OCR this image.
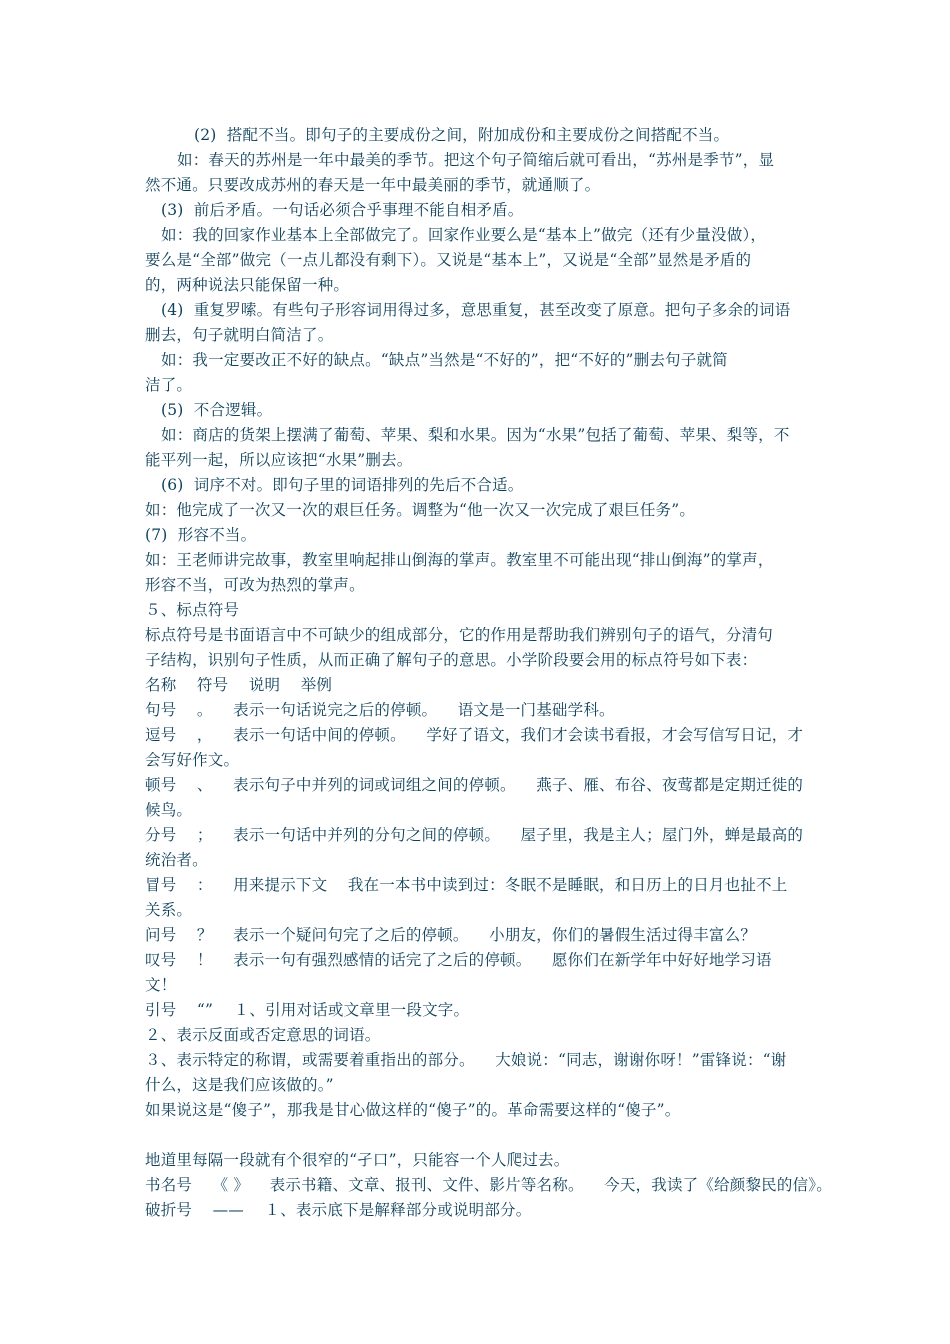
(2)  搭配不当。即句子的主要成份之间，附加成份和主要成份之间搭配不当。
如：春天的苏州是一年中最美的季节。把这个句子简缩后就可看出，“苏州是季节”，显
然不通。只要改成苏州的春天是一年中最美丽的季节，就通顺了。
(3)  前后矛盾。一句话必须合乎事理不能自相矛盾。
如：我的回家作业基本上全部做完了。回家作业要么是“基本上”做完（还有少量没做），
要么是“全部”做完（一点儿都没有剩下）。又说是“基本上”，又说是“全部”显然是矛盾的
的，两种说法只能保留一种。
(4)  重复罗嗦。有些句子形容词用得过多，意思重复，甚至改变了原意。把句子多余的词语
删去，句子就明白简洁了。
如：我一定要改正不好的缺点。“缺点”当然是“不好的”，把“不好的”删去句子就简
洁了。
(5)  不合逻辑。
如：商店的货架上摆满了葡萄、苹果、梨和水果。因为“水果”包括了葡萄、苹果、梨等，不
能平列一起，所以应该把“水果”删去。
(6)  词序不对。即句子里的词语排列的先后不合适。
如：他完成了一次又一次的艰巨任务。调整为“他一次又一次完成了艰巨任务”。
(7)  形容不当。
如：王老师讲完故事，教室里响起排山倒海的掌声。教室里不可能出现“排山倒海”的掌声，
形容不当，可改为热烈的掌声。
５、标点符号
标点符号是书面语言中不可缺少的组成部分，它的作用是帮助我们辨别句子的语气，分清句
子结构，识别句子性质，从而正确了解句子的意思。小学阶段要会用的标点符号如下表：
名称    符号    说明    举例
句号    。    表示一句话说完之后的停顿。    语文是一门基础学科。
逗号    ，    表示一句话中间的停顿。    学好了语文，我们才会读书看报，才会写信写日记，才
会写好作文。
顿号    、    表示句子中并列的词或词组之间的停顿。    燕子、雁、布谷、夜莺都是定期迁徙的
候鸟。
分号    ；    表示一句话中并列的分句之间的停顿。    屋子里，我是主人；屋门外，蝉是最高的
统治者。
冒号    ：    用来提示下文    我在一本书中读到过：冬眠不是睡眠，和日历上的日月也扯不上
关系。
问号    ？    表示一个疑问句完了之后的停顿。    小朋友，你们的暑假生活过得丰富么？
叹号    ！    表示一句有强烈感情的话完了之后的停顿。    愿你们在新学年中好好地学习语
文！
引号    “”    １、引用对话或文章里一段文字。
２、表示反面或否定意思的词语。
３、表示特定的称谓，或需要着重指出的部分。    大娘说：“同志，谢谢你呀！”雷锋说：“谢
什么，这是我们应该做的。”
如果说这是“傻子”，那我是甘心做这样的“傻子”的。革命需要这样的“傻子”。
地道里每隔一段就有个很窄的“孑口”，只能容一个人爬过去。
书名号    《 》    表示书籍、文章、报刊、文件、影片等名称。    今天，我读了《给颜黎民的信》。
破折号    ——    １、表示底下是解释部分或说明部分。
